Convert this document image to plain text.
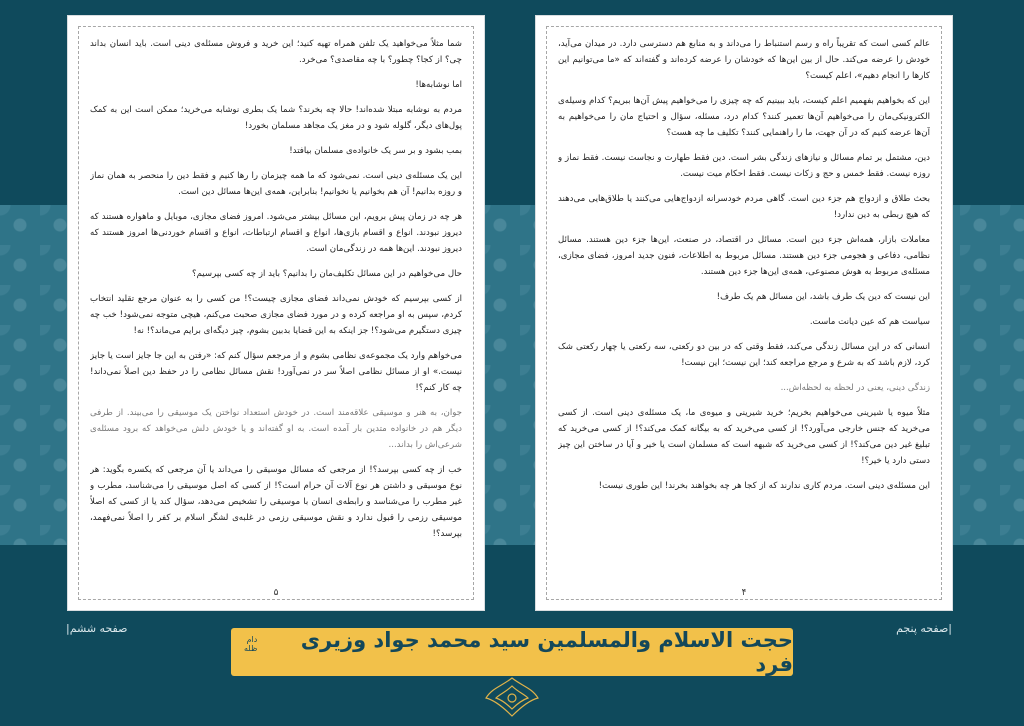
شما مثلاً می‌خواهید یک تلفن همراه تهیه کنید؛ این خرید و فروش مسئله‌ی دینی است. باید انسان بداند چی؟ از کجا؟ چطور؟ با چه مقاصدی؟ می‌خرد.

اما نوشابه‌ها!

مردم به نوشابه مبتلا شده‌اند! حالا چه بخرند؟ شما یک بطری نوشابه می‌خرید؛ ممکن است این به کمک پول‌های دیگر، گلوله شود و در مغز یک مجاهد مسلمان بخورد!

بمب بشود و بر سر یک خانواده‌ی مسلمان بیافتد!

این یک مسئله‌ی دینی است. نمی‌شود که ما همه چیزمان را رها کنیم و فقط دین را منحصر به همان نماز و روزه بدانیم! آن هم بخوانیم یا نخوانیم! بنابراین، همه‌ی این‌ها مسائل دین است.

هر چه در زمان پیش برویم، این مسائل بیشتر می‌شود. امروز فضای مجازی، موبایل و ماهواره هستند که دیروز نبودند. انواع و اقسام بازی‌ها، انواع و اقسام ارتباطات، انواع و اقسام خوردنی‌ها امروز هستند که دیروز نبودند. این‌ها همه در زندگی‌مان است.

حال می‌خواهیم در این مسائل تکلیف‌مان را بدانیم؟ باید از چه کسی بپرسیم؟

از کسی بپرسیم که خودش نمی‌داند فضای مجازی چیست؟! من کسی را به عنوان مرجع تقلید انتخاب کردم، سپس به او مراجعه کرده و در مورد فضای مجازی صحبت می‌کنم، هیچی متوجه نمی‌شود! خب چه چیزی دستگیرم می‌شود؟! جز اینکه به این قضایا بدبین بشوم، چیز دیگه‌ای برایم می‌ماند؟! نه!

می‌خواهم وارد یک مجموعه‌ی نظامی بشوم و از مرجعم سؤال کنم که: «رفتن به این جا جایز است یا جایز نیست.» او از مسائل نظامی اصلاً سر در نمی‌آورد! نقش مسائل نظامی را در حفظ دین اصلاً نمی‌داند! چه کار کنم؟!

جوان، به هنر و موسیقی علاقه‌مند است. در خودش استعداد نواختن یک موسیقی را می‌بیند. از طرفی دیگر هم در خانواده متدین بار آمده است. به او گفته‌اند و یا خودش دلش می‌خواهد که برود مسئله‌ی شرعی‌اش را بداند...

خب از چه کسی بپرسد؟! از مرجعی که مسائل موسیقی را می‌داند یا آن مرجعی که یکسره بگوید: هر نوع موسیقی و داشتن هر نوع آلات آن حرام است؟! از کسی که اصل موسیقی را می‌شناسد، مطرب و غیر مطرب را می‌شناسد و رابطه‌ی انسان با موسیقی را تشخیص می‌دهد، سؤال کند یا از کسی که اصلاً موسیقی رزمی را قبول ندارد و نقش موسیقی رزمی در غلبه‌ی لشگر اسلام بر کفر را اصلاً نمی‌فهمد، بپرسد؟!

۵

عالم کسی است که تقریباً راه و رسم استنباط را می‌داند و به منابع هم دسترسی دارد. در میدان می‌آید، خودش را عرضه می‌کند. حال از بین این‌ها که خودشان را عرضه کرده‌اند و گفته‌اند که «ما می‌توانیم این کارها را انجام دهیم»، اعلم کیست؟

این که بخواهیم بفهمیم اعلم کیست، باید ببینیم که چه چیزی را می‌خواهیم پیش آن‌ها ببریم؟ کدام وسیله‌ی الکترونیکی‌مان را می‌خواهیم آن‌ها تعمیر کنند؟ کدام درد، مسئله، سؤال و احتیاج مان را می‌خواهیم به آن‌ها عرضه کنیم که در آن جهت، ما را راهنمایی کنند؟ تکلیف ما چه هست؟

دین، مشتمل بر تمام مسائل و نیازهای زندگی بشر است. دین فقط طهارت و نجاست نیست. فقط نماز و روزه نیست. فقط خمس و حج و زکات نیست. فقط احکام میت نیست.

بحث طلاق و ازدواج هم جزء دین است. گاهی مردم خودسرانه ازدواج‌هایی می‌کنند یا طلاق‌هایی می‌دهند که هیچ ربطی به دین ندارد!

معاملات بازار، همه‌اش جزء دین است. مسائل در اقتصاد، در صنعت، این‌ها جزء دین هستند. مسائل نظامی، دفاعی و هجومی جزء دین هستند. مسائل مربوط به اطلاعات، فنون جدید امروز، فضای مجازی، مسئله‌ی مربوط به هوش مصنوعی، همه‌ی این‌ها جزء دین هستند.

این نیست که دین یک طرف باشد، این مسائل هم یک طرف!

سیاست هم که عین دیانت ماست.

انسانی که در این مسائل زندگی می‌کند، فقط وقتی که در بین دو رکعتی، سه رکعتی یا چهار رکعتی شک کرد، لازم باشد که به شرع و مرجع مراجعه کند؛ این نیست؛ این نیست!

زندگی دینی، یعنی در لحظه به لحظه‌اش...

مثلاً میوه یا شیرینی می‌خواهیم بخریم؛ خرید شیرینی و میوه‌ی ما، یک مسئله‌ی دینی است. از کسی می‌خرید که جنس خارجی می‌آورد؟! از کسی می‌خرید که به بیگانه کمک می‌کند؟! از کسی می‌خرید که تبلیغ غیر دین می‌کند؟! از کسی می‌خرید که شبهه است که مسلمان است یا خیر و آیا در ساختن این چیز دستی دارد یا خیر؟!

این مسئله‌ی دینی است. مردم کاری ندارند که از کجا هر چه بخواهند بخرند! این طوری نیست!

۴
صفحه ششم|	|صفحه پنجم
حجت الاسلام والمسلمین سید محمد جواد وزیری فرد
دام ظله
